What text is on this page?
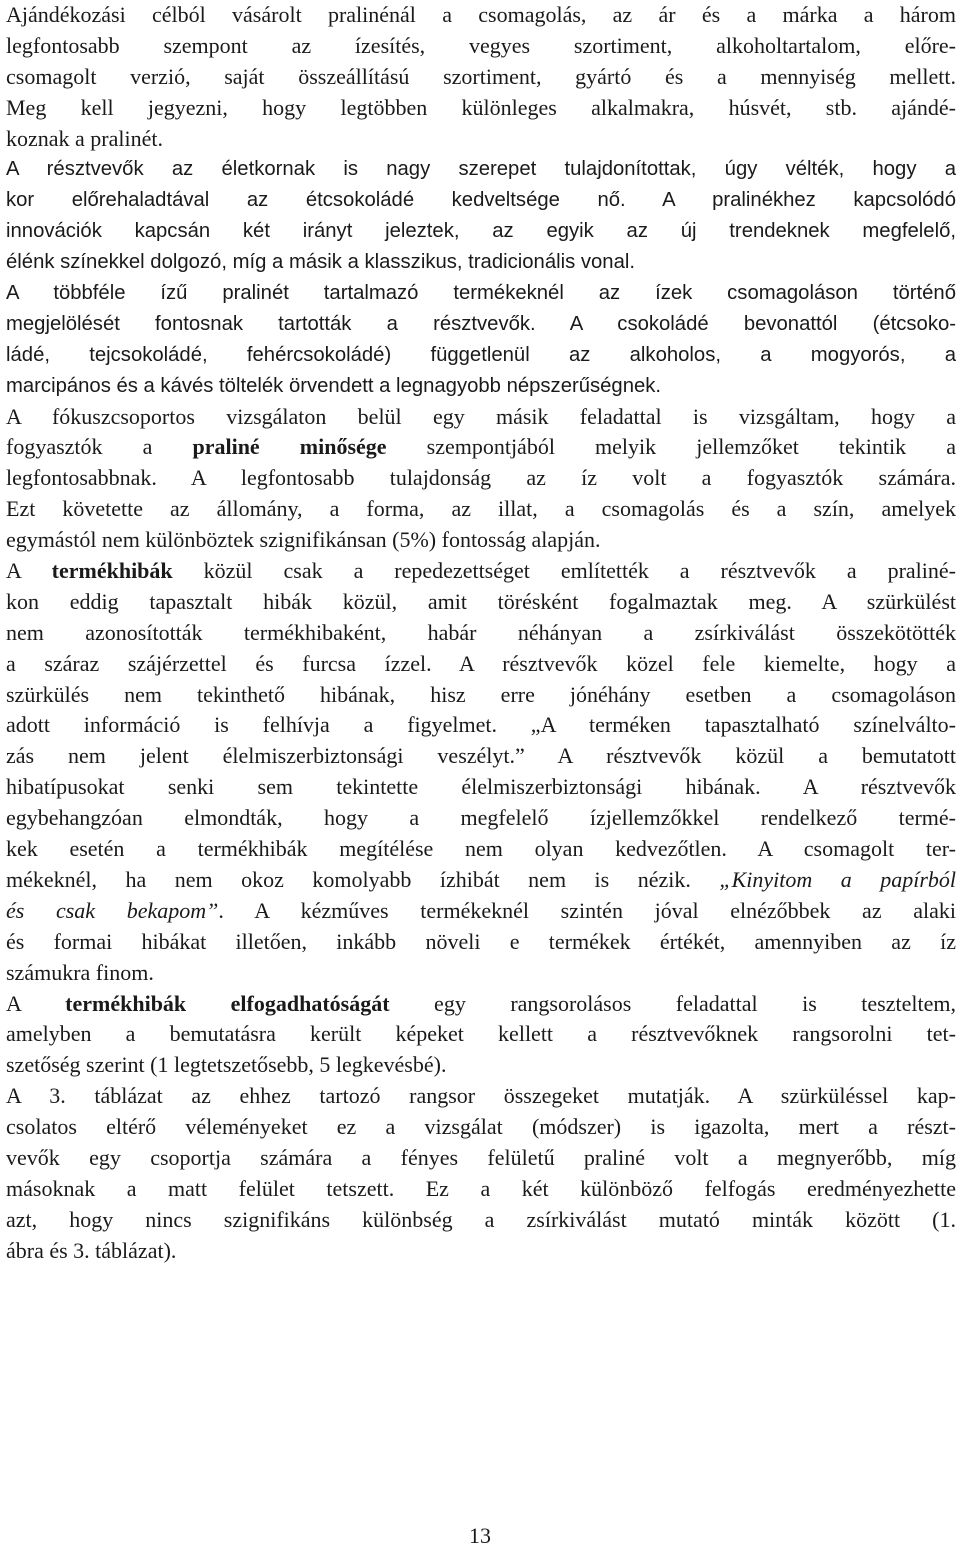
Ajándékozási célból vásárolt pralinénál a csomagolás, az ár és a márka a három
legfontosabb szempont az ízesítés, vegyes szortiment, alkoholtartalom, előre-
csomagolt verzió, saját összeállítású szortiment, gyártó és a mennyiség mellett.
Meg kell jegyezni, hogy legtöbben különleges alkalmakra, húsvét, stb. ajándé-
koznak a pralinét.
A résztvevők az életkornak is nagy szerepet tulajdonítottak, úgy vélték, hogy a
kor előrehaladtával az étcsokoládé kedveltsége nő. A pralinékhez kapcsolódó
innovációk kapcsán két irányt jeleztek, az egyik az új trendeknek megfelelő,
élénk színekkel dolgozó, míg a másik a klasszikus, tradicionális vonal.
A többféle ízű pralinét tartalmazó termékeknél az ízek csomagoláson történő
megjelölését fontosnak tartották a résztvevők. A csokoládé bevonattól (étcsoko-
ládé, tejcsokoládé, fehércsokoládé) függetlenül az alkoholos, a mogyorós, a
marcipános és a kávés töltelék örvendett a legnagyobb népszerűségnek.
A fókuszcsoportos vizsgálaton belül egy másik feladattal is vizsgáltam, hogy a
fogyasztók a praliné minősége szempontjából melyik jellemzőket tekintik a
legfontosabbnak. A legfontosabb tulajdonság az íz volt a fogyasztók számára.
Ezt követette az állomány, a forma, az illat, a csomagolás és a szín, amelyek
egymástól nem különböztek szignifikánsan (5%) fontosság alapján.
A termékhibák közül csak a repedezettséget említették a résztvevők a praliné-
kon eddig tapasztalt hibák közül, amit törésként fogalmaztak meg. A szürkülést
nem azonosították termékhibaként, habár néhányan a zsírkiválást összekötötték
a száraz szájérzettel és furcsa ízzel. A résztvevők közel fele kiemelte, hogy a
szürkülés nem tekinthető hibának, hisz erre jónéhány esetben a csomagoláson
adott információ is felhívja a figyelmet. „A terméken tapasztalható színelválto-
zás nem jelent élelmiszerbiztonsági veszélyt.” A résztvevők közül a bemutatott
hibatípusokat senki sem tekintette élelmiszerbiztonsági hibának. A résztvevők
egybehangzóan elmondták, hogy a megfelelő ízjellemzőkkel rendelkező termé-
kek esetén a termékhibák megítélése nem olyan kedvezőtlen. A csomagolt ter-
mékeknél, ha nem okoz komolyabb ízhibát nem is nézik. „Kinyitom a papírból
és csak bekapom”. A kézműves termékeknél szintén jóval elnézőbbek az alaki
és formai hibákat illetően, inkább növeli e termékek értékét, amennyiben az íz
számukra finom.
A termékhibák elfogadhatóságát egy rangsorolásos feladattal is teszteltem,
amelyben a bemutatásra került képeket kellett a résztvevőknek rangsorolni tet-
szetőség szerint (1 legtetszetősebb, 5 legkevésbé).
A 3. táblázat az ehhez tartozó rangsor összegeket mutatják. A szürküléssel kap-
csolatos eltérő véleményeket ez a vizsgálat (módszer) is igazolta, mert a részt-
vevők egy csoportja számára a fényes felületű praliné volt a megnyerőbb, míg
másoknak a matt felület tetszett. Ez a két különböző felfogás eredményezhette
azt, hogy nincs szignifikáns különbség a zsírkiválást mutató minták között (1.
ábra és 3. táblázat).
13
